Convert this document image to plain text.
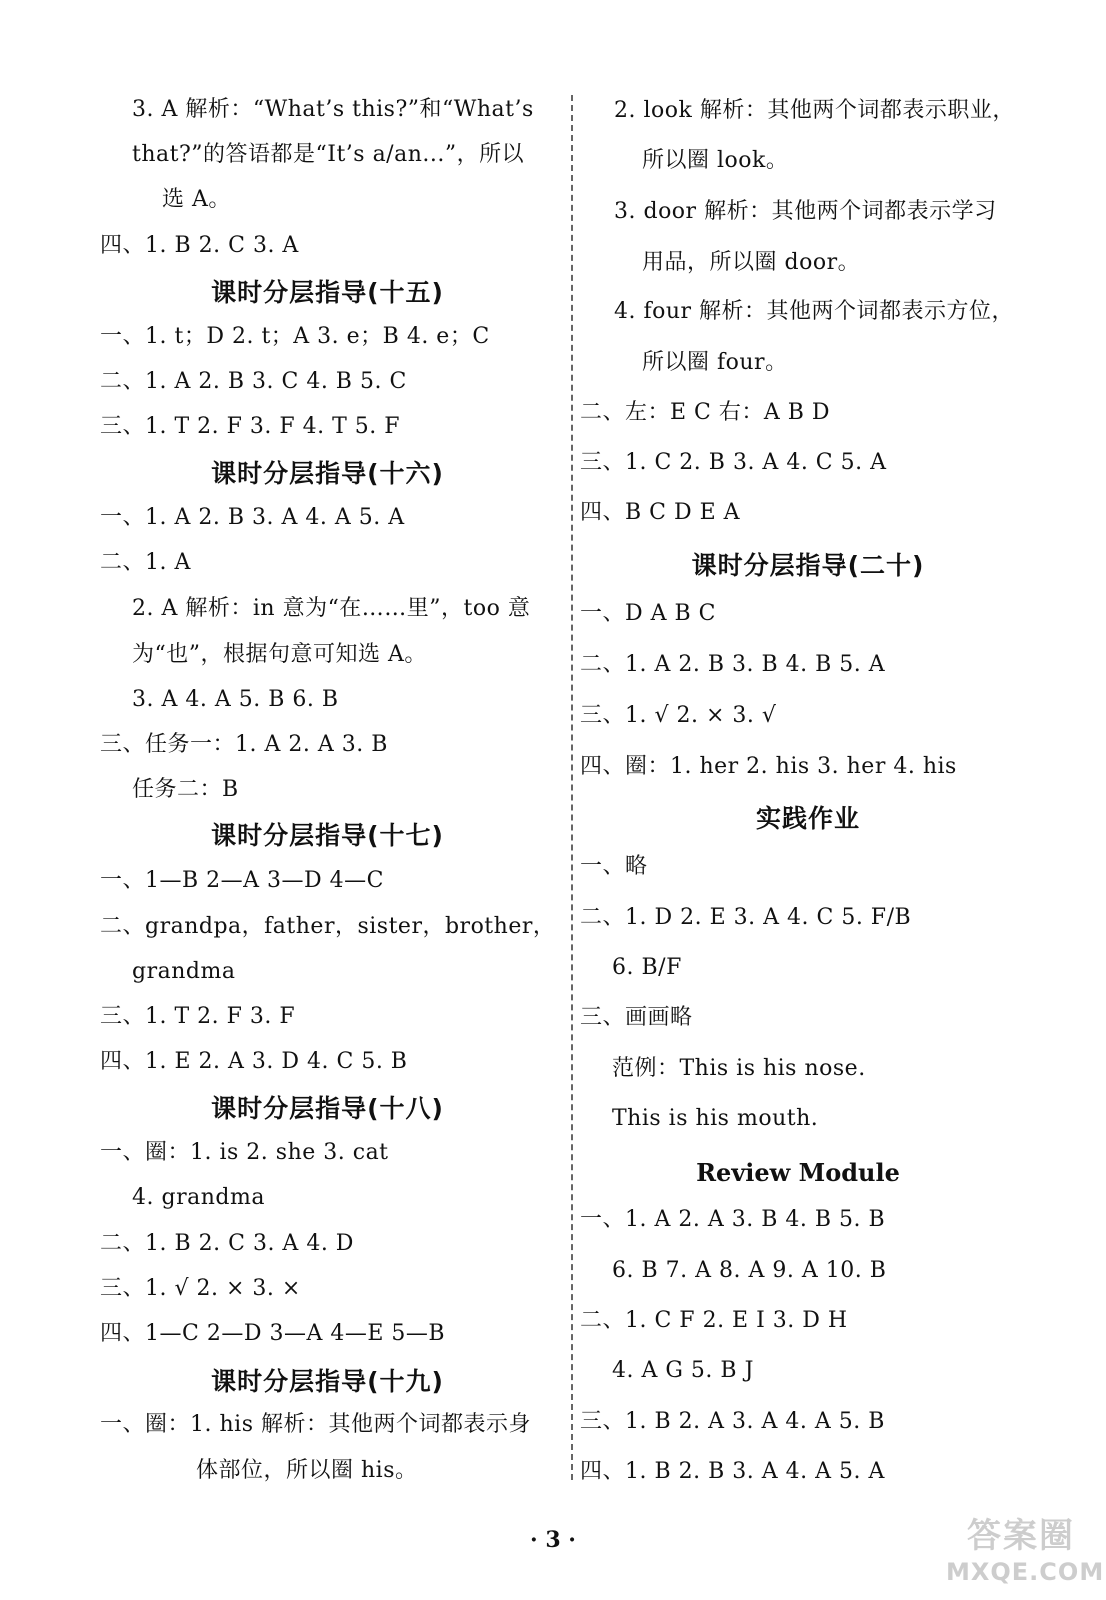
3. A 解析：“What’s this?”和“What’s
that?”的答语都是“It’s a/an...”，所以
选 A。
四、1. B 2. C 3. A
课时分层指导(十五)
一、1. t；D 2. t；A 3. e；B 4. e；C
二、1. A 2. B 3. C 4. B 5. C
三、1. T 2. F 3. F 4. T 5. F
课时分层指导(十六)
一、1. A 2. B 3. A 4. A 5. A
二、1. A
2. A 解析：in 意为“在……里”，too 意
为“也”，根据句意可知选 A。
3. A 4. A 5. B 6. B
三、任务一：1. A 2. A 3. B
任务二：B
课时分层指导(十七)
一、1—B 2—A 3—D 4—C
二、grandpa，father，sister，brother，
grandma
三、1. T 2. F 3. F
四、1. E 2. A 3. D 4. C 5. B
课时分层指导(十八)
一、圈：1. is 2. she 3. cat
4. grandma
二、1. B 2. C 3. A 4. D
三、1. √ 2. × 3. ×
四、1—C 2—D 3—A 4—E 5—B
课时分层指导(十九)
一、圈：1. his 解析：其他两个词都表示身
体部位，所以圈 his。
2. look 解析：其他两个词都表示职业，
所以圈 look。
3. door 解析：其他两个词都表示学习
用品，所以圈 door。
4. four 解析：其他两个词都表示方位，
所以圈 four。
二、左：E C 右：A B D
三、1. C 2. B 3. A 4. C 5. A
四、B C D E A
课时分层指导(二十)
一、D A B C
二、1. A 2. B 3. B 4. B 5. A
三、1. √ 2. × 3. √
四、圈：1. her 2. his 3. her 4. his
实践作业
一、略
二、1. D 2. E 3. A 4. C 5. F/B
6. B/F
三、画画略
范例：This is his nose.
This is his mouth.
Review Module
一、1. A 2. A 3. B 4. B 5. B
6. B 7. A 8. A 9. A 10. B
二、1. C F 2. E I 3. D H
4. A G 5. B J
三、1. B 2. A 3. A 4. A 5. B
四、1. B 2. B 3. A 4. A 5. A
· 3 ·	答案圈
MXQE.COM
